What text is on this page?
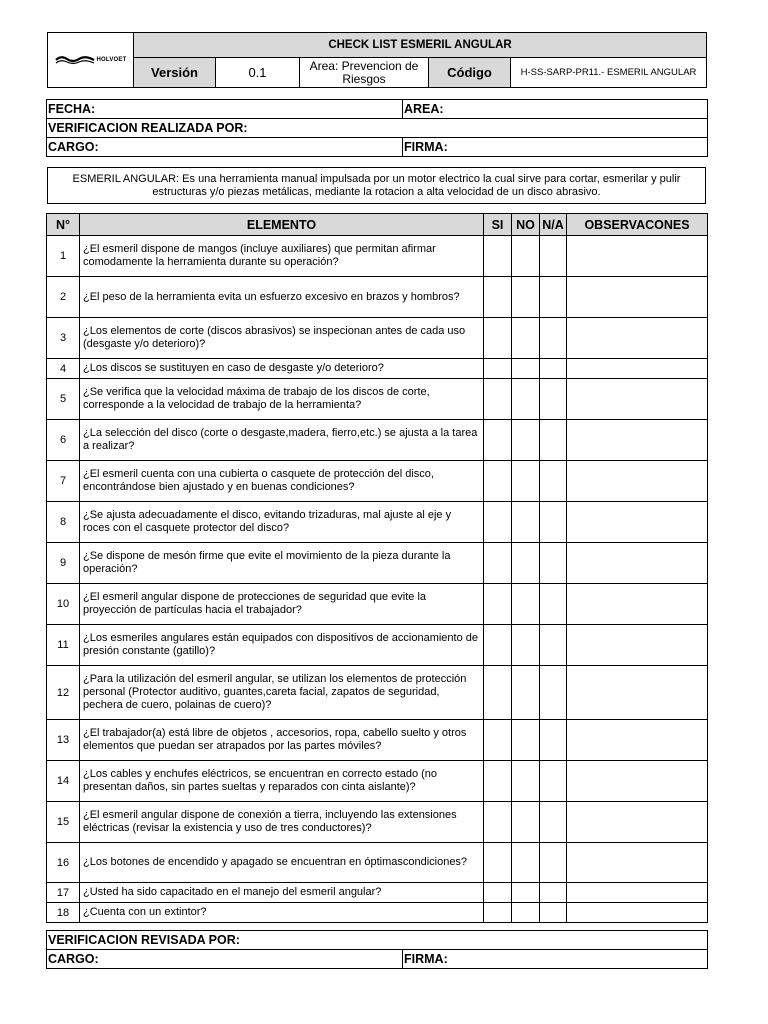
HOLVOET	CHECK LIST ESMERIL ANGULAR				
	Versión	0.1	Area: Prevencion de Riesgos	Código	H-SS-SARP-PR11.- ESMERIL ANGULAR
FECHA:	AREA:
VERIFICACION REALIZADA POR:	
CARGO:	FIRMA:
ESMERIL ANGULAR: Es una herramienta manual impulsada por un motor electrico la cual sirve para cortar, esmerilar y pulir estructuras y/o piezas metálicas, mediante la rotacion a alta velocidad de un disco abrasivo.
N°	ELEMENTO	SI	NO	N/A	OBSERVACONES
1	¿El esmeril dispone de mangos (incluye auxiliares) que permitan afirmar comodamente la herramienta durante su operación?				
2	¿El peso de la herramienta evita un esfuerzo excesivo en brazos y hombros?				
3	¿Los elementos de corte (discos abrasivos) se inspecionan antes de cada uso (desgaste y/o deterioro)?				
4	¿Los discos se sustituyen en caso de desgaste y/o deterioro?				
5	¿Se verifica que la velocidad máxima de trabajo de los discos de corte, corresponde a la velocidad de trabajo de la herramienta?				
6	¿La selección del disco (corte o desgaste,madera, fierro,etc.) se ajusta a la tarea a realizar?				
7	¿El esmeril cuenta con una cubierta o casquete de protección del disco, encontrándose bien ajustado y en buenas condiciones?				
8	¿Se ajusta adecuadamente el disco, evitando trizaduras, mal ajuste al eje y roces con el casquete protector del disco?				
9	¿Se dispone de mesón firme que evite el movimiento de la pieza durante la operación?				
10	¿El esmeril angular dispone de protecciones de seguridad que evite la proyección de partículas hacia el trabajador?				
11	¿Los esmeriles angulares están equipados con dispositivos de accionamiento de presión constante (gatillo)?				
12	¿Para la utilización del esmeril angular, se utilizan los elementos de protección personal (Protector auditivo, guantes,careta facial, zapatos de seguridad, pechera de cuero, polainas de cuero)?				
13	¿El trabajador(a) está libre de objetos , accesorios, ropa, cabello suelto y otros elementos que puedan ser atrapados por las partes móviles?				
14	¿Los cables y enchufes eléctricos, se encuentran en correcto estado (no presentan daños, sin partes sueltas y reparados con cinta aislante)?				
15	¿El esmeril angular dispone de conexión a tierra, incluyendo las extensiones eléctricas (revisar la existencia y uso de tres conductores)?				
16	¿Los botones de encendido y apagado se encuentran en óptimascondiciones?				
17	¿Usted ha sido capacitado en el manejo del esmeril angular?				
18	¿Cuenta con un extintor?				
VERIFICACION REVISADA POR:
CARGO:	FIRMA:
